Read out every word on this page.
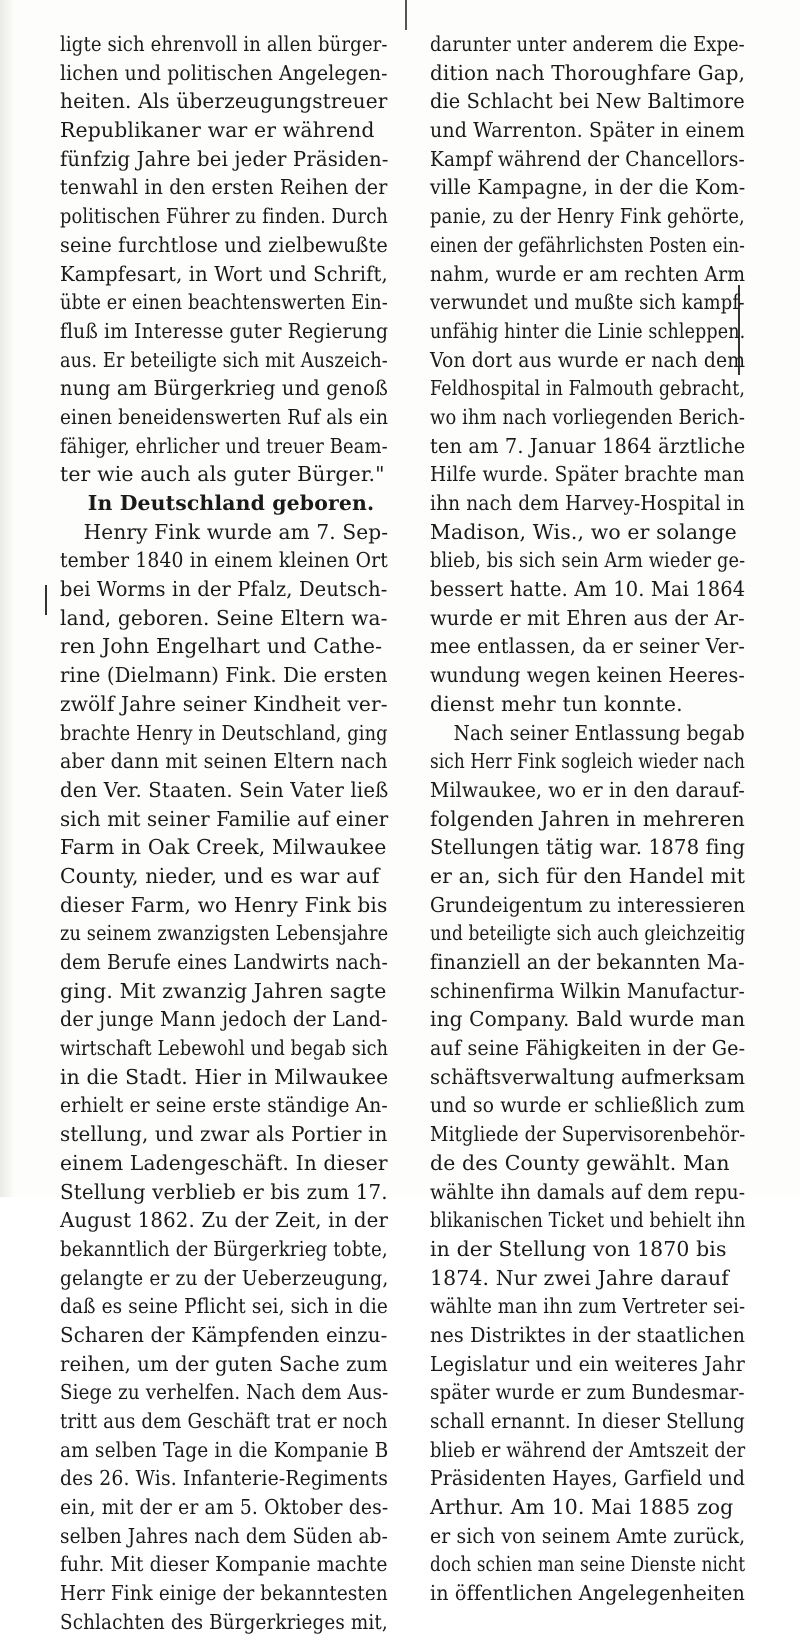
ligte sich ehrenvoll in allen bürger-
lichen und politischen Angelegen-
heiten. Als überzeugungstreuer
Republikaner war er während
fünfzig Jahre bei jeder Präsiden-
tenwahl in den ersten Reihen der
politischen Führer zu finden. Durch
seine furchtlose und zielbewußte
Kampfesart, in Wort und Schrift,
übte er einen beachtenswerten Ein-
fluß im Interesse guter Regierung
aus. Er beteiligte sich mit Auszeich-
nung am Bürgerkrieg und genoß
einen beneidenswerten Ruf als ein
fähiger, ehrlicher und treuer Beam-
ter wie auch als guter Bürger."
In Deutschland geboren.
Henry Fink wurde am 7. Sep-
tember 1840 in einem kleinen Ort
bei Worms in der Pfalz, Deutsch-
land, geboren. Seine Eltern wa-
ren John Engelhart und Cathe-
rine (Dielmann) Fink. Die ersten
zwölf Jahre seiner Kindheit ver-
brachte Henry in Deutschland, ging
aber dann mit seinen Eltern nach
den Ver. Staaten. Sein Vater ließ
sich mit seiner Familie auf einer
Farm in Oak Creek, Milwaukee
County, nieder, und es war auf
dieser Farm, wo Henry Fink bis
zu seinem zwanzigsten Lebensjahre
dem Berufe eines Landwirts nach-
ging. Mit zwanzig Jahren sagte
der junge Mann jedoch der Land-
wirtschaft Lebewohl und begab sich
in die Stadt. Hier in Milwaukee
erhielt er seine erste ständige An-
stellung, und zwar als Portier in
einem Ladengeschäft. In dieser
Stellung verblieb er bis zum 17.
August 1862. Zu der Zeit, in der
bekanntlich der Bürgerkrieg tobte,
gelangte er zu der Ueberzeugung,
daß es seine Pflicht sei, sich in die
Scharen der Kämpfenden einzu-
reihen, um der guten Sache zum
Siege zu verhelfen. Nach dem Aus-
tritt aus dem Geschäft trat er noch
am selben Tage in die Kompanie B
des 26. Wis. Infanterie-Regiments
ein, mit der er am 5. Oktober des-
selben Jahres nach dem Süden ab-
fuhr. Mit dieser Kompanie machte
Herr Fink einige der bekanntesten
Schlachten des Bürgerkrieges mit,
darunter unter anderem die Expe-
dition nach Thoroughfare Gap,
die Schlacht bei New Baltimore
und Warrenton. Später in einem
Kampf während der Chancellors-
ville Kampagne, in der die Kom-
panie, zu der Henry Fink gehörte,
einen der gefährlichsten Posten ein-
nahm, wurde er am rechten Arm
verwundet und mußte sich kampf-
unfähig hinter die Linie schleppen.
Von dort aus wurde er nach dem
Feldhospital in Falmouth gebracht,
wo ihm nach vorliegenden Berich-
ten am 7. Januar 1864 ärztliche
Hilfe wurde. Später brachte man
ihn nach dem Harvey-Hospital in
Madison, Wis., wo er solange
blieb, bis sich sein Arm wieder ge-
bessert hatte. Am 10. Mai 1864
wurde er mit Ehren aus der Ar-
mee entlassen, da er seiner Ver-
wundung wegen keinen Heeres-
dienst mehr tun konnte.
Nach seiner Entlassung begab
sich Herr Fink sogleich wieder nach
Milwaukee, wo er in den darauf-
folgenden Jahren in mehreren
Stellungen tätig war. 1878 fing
er an, sich für den Handel mit
Grundeigentum zu interessieren
und beteiligte sich auch gleichzeitig
finanziell an der bekannten Ma-
schinenfirma Wilkin Manufactur-
ing Company. Bald wurde man
auf seine Fähigkeiten in der Ge-
schäftsverwaltung aufmerksam
und so wurde er schließlich zum
Mitgliede der Supervisorenbehör-
de des County gewählt. Man
wählte ihn damals auf dem repu-
blikanischen Ticket und behielt ihn
in der Stellung von 1870 bis
1874. Nur zwei Jahre darauf
wählte man ihn zum Vertreter sei-
nes Distriktes in der staatlichen
Legislatur und ein weiteres Jahr
später wurde er zum Bundesmar-
schall ernannt. In dieser Stellung
blieb er während der Amtszeit der
Präsidenten Hayes, Garfield und
Arthur. Am 10. Mai 1885 zog
er sich von seinem Amte zurück,
doch schien man seine Dienste nicht
in öffentlichen Angelegenheiten
